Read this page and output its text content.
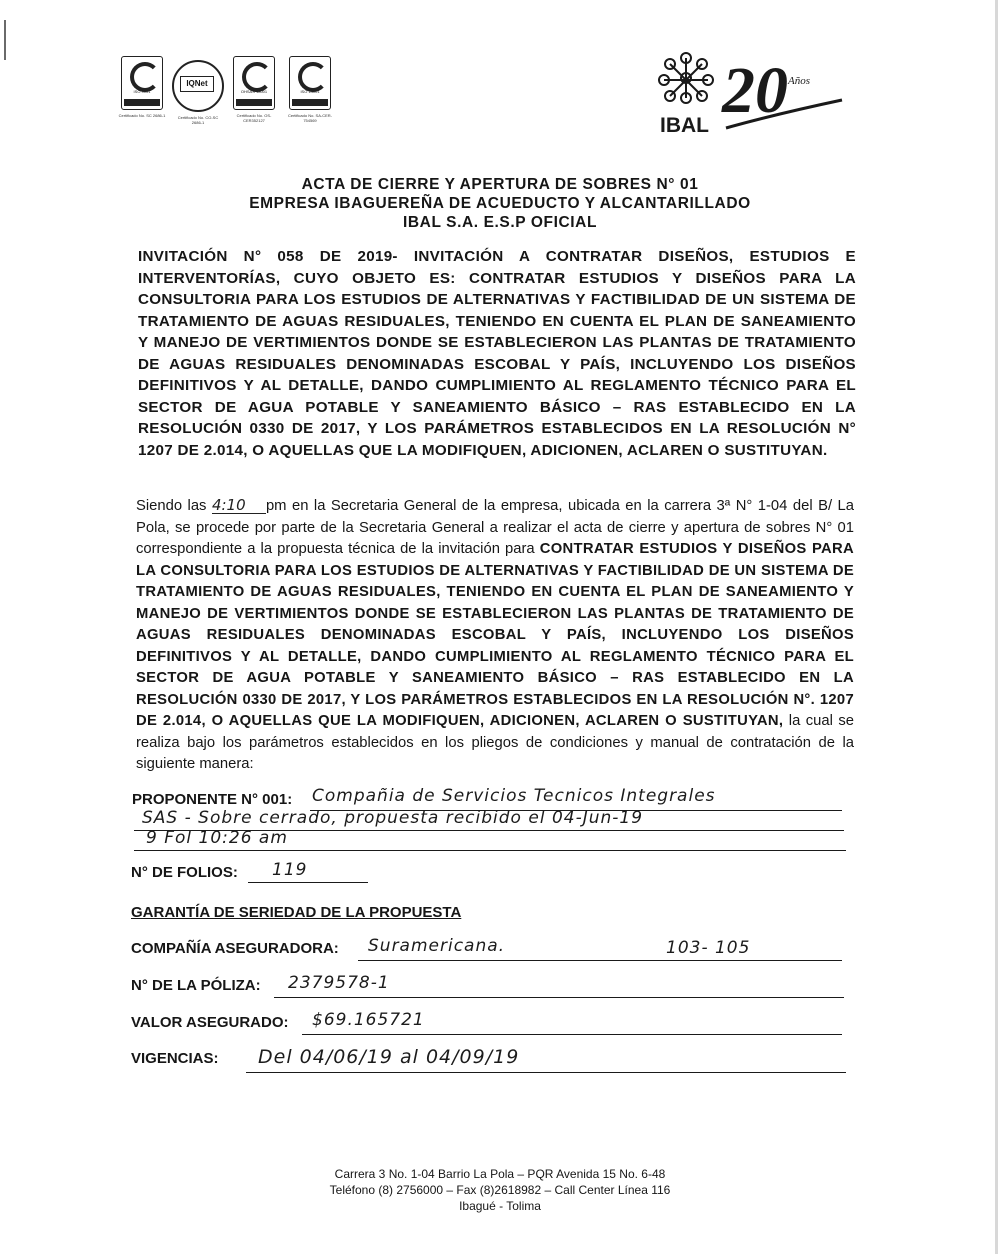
ISO 9001
Certificado No. SC 2686-1
IQNet
Certificado No. CO-SC 2686-1
OHSAS 18001
Certificado No. OS-CER352127
ISO 14001
Certificado No. SA-CER-754569	IBAL 20 Años
ACTA DE CIERRE Y APERTURA DE SOBRES N° 01
EMPRESA IBAGUEREÑA DE ACUEDUCTO Y ALCANTARILLADO
IBAL S.A. E.S.P OFICIAL

INVITACIÓN N° 058 DE 2019- INVITACIÓN A CONTRATAR DISEÑOS, ESTUDIOS E INTERVENTORÍAS, CUYO OBJETO ES: CONTRATAR ESTUDIOS Y DISEÑOS PARA LA CONSULTORIA PARA LOS ESTUDIOS DE ALTERNATIVAS Y FACTIBILIDAD DE UN SISTEMA DE TRATAMIENTO DE AGUAS RESIDUALES, TENIENDO EN CUENTA EL PLAN DE SANEAMIENTO Y MANEJO DE VERTIMIENTOS DONDE SE ESTABLECIERON LAS PLANTAS DE TRATAMIENTO DE AGUAS RESIDUALES DENOMINADAS ESCOBAL Y PAÍS, INCLUYENDO LOS DISEÑOS DEFINITIVOS Y AL DETALLE, DANDO CUMPLIMIENTO AL REGLAMENTO TÉCNICO PARA EL SECTOR DE AGUA POTABLE Y SANEAMIENTO BÁSICO – RAS ESTABLECIDO EN LA RESOLUCIÓN 0330 DE 2017, Y LOS PARÁMETROS ESTABLECIDOS EN LA RESOLUCIÓN N° 1207 DE 2.014, O AQUELLAS QUE LA MODIFIQUEN, ADICIONEN, ACLAREN O SUSTITUYAN.

Siendo las 4:10 pm en la Secretaria General de la empresa, ubicada en la carrera 3ª N° 1-04 del B/ La Pola, se procede por parte de la Secretaria General a realizar el acta de cierre y apertura de sobres N° 01 correspondiente a la propuesta técnica de la invitación para CONTRATAR ESTUDIOS Y DISEÑOS PARA LA CONSULTORIA PARA LOS ESTUDIOS DE ALTERNATIVAS Y FACTIBILIDAD DE UN SISTEMA DE TRATAMIENTO DE AGUAS RESIDUALES, TENIENDO EN CUENTA EL PLAN DE SANEAMIENTO Y MANEJO DE VERTIMIENTOS DONDE SE ESTABLECIERON LAS PLANTAS DE TRATAMIENTO DE AGUAS RESIDUALES DENOMINADAS ESCOBAL Y PAÍS, INCLUYENDO LOS DISEÑOS DEFINITIVOS Y AL DETALLE, DANDO CUMPLIMIENTO AL REGLAMENTO TÉCNICO PARA EL SECTOR DE AGUA POTABLE Y SANEAMIENTO BÁSICO – RAS ESTABLECIDO EN LA RESOLUCIÓN 0330 DE 2017, Y LOS PARÁMETROS ESTABLECIDOS EN LA RESOLUCIÓN N°. 1207 DE 2.014, O AQUELLAS QUE LA MODIFIQUEN, ADICIONEN, ACLAREN O SUSTITUYAN, la cual se realiza bajo los parámetros establecidos en los pliegos de condiciones y manual de contratación de la siguiente manera:

PROPONENTE N° 001: Compañia de Servicios Tecnicos Integrales
SAS - Sobre cerrado, propuesta recibido el 04-Jun-19
9 Fol 10:26 am
N° DE FOLIOS: 119
GARANTÍA DE SERIEDAD DE LA PROPUESTA
COMPAÑÍA ASEGURADORA: Suramericana.	103- 105
N° DE LA PÓLIZA: 2379578-1
VALOR ASEGURADO: $69.165721
VIGENCIAS: Del 04/06/19 al 04/09/19
Carrera 3 No. 1-04 Barrio La Pola – PQR Avenida 15 No. 6-48
Teléfono (8) 2756000 – Fax (8)2618982 – Call Center Línea 116
Ibagué - Tolima
